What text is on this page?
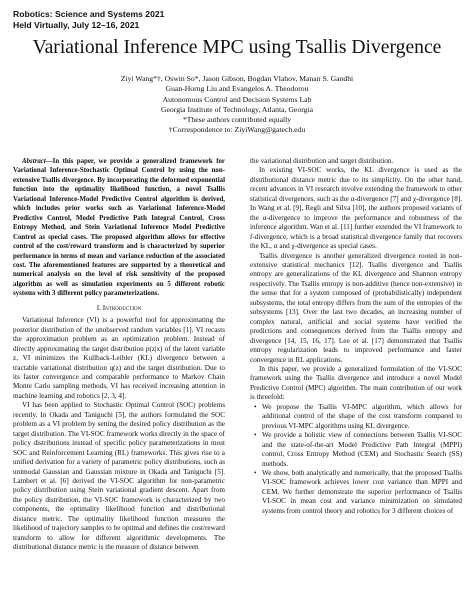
Robotics: Science and Systems 2021
Held Virtually, July 12–16, 2021
Variational Inference MPC using Tsallis Divergence
Ziyi Wang*†, Oswin So*, Jason Gibson, Bogdan Vlahov, Manan S. Gandhi
Guan-Horng Liu and Evangelos A. Theodorou
Autonomous Control and Decision Systems Lab
Georgia Institute of Technology, Atlanta, Georgia
*These authors contributed equally
†Correspondence to: ZiyiWang@gatech.edu

Abstract—In this paper, we provide a generalized framework for Variational Inference-Stochastic Optimal Control by using the non-extensive Tsallis divergence. By incorporating the deformed exponential function into the optimality likelihood function, a novel Tsallis Variational Inference-Model Predictive Control algorithm is derived, which includes prior works such as Variational Inference-Model Predictive Control, Model Predictive Path Integral Control, Cross Entropy Method, and Stein Variational Inference Model Predictive Control as special cases. The proposed algorithm allows for effective control of the cost/reward transform and is characterized by superior performance in terms of mean and variance reduction of the associated cost. The aforementioned features are supported by a theoretical and numerical analysis on the level of risk sensitivity of the proposed algorithm as well as simulation experiments on 5 different robotic systems with 3 different policy parameterizations.

I. Introduction

Variational Inference (VI) is a powerful tool for approximating the posterior distribution of the unobserved random variables [1]. VI recasts the approximation problem as an optimization problem. Instead of directly approximating the target distribution p(z|x) of the latent variable z, VI minimizes the Kullback-Leibler (KL) divergence between a tractable variational distribution q(z) and the target distribution. Due to its faster convergence and comparable performance to Markov Chain Monte Carlo sampling methods, VI has received increasing attention in machine learning and robotics [2, 3, 4].

VI has been applied to Stochastic Optimal Control (SOC) problems recently. In Okada and Taniguchi [5], the authors formulated the SOC problem as a VI problem by setting the desired policy distribution as the target distribution. The VI-SOC framework works directly in the space of policy distributions instead of specific policy parameterizations in most SOC and Reinforcement Learning (RL) frameworks. This gives rise to a unified derivation for a variety of parametric policy distributions, such as unimodal Gaussian and Gaussian mixture in Okada and Taniguchi [5]. Lambert et al. [6] derived the VI-SOC algorithm for non-parametric policy distribution using Stein variational gradient descent. Apart from the policy distribution, the VI-SOC framework is characterized by two components, the optimality likelihood function and distributional distance metric. The optimality likelihood function measures the likelihood of trajectory samples to be optimal and defines the cost/reward transform to allow for different algorithmic developments. The distributional distance metric is the measure of distance between

the variational distribution and target distribution.

In existing VI-SOC works, the KL divergence is used as the distributional distance metric due to its simplicity. On the other hand, recent advances in VI research involve extending the framework to other statistical divergences, such as the α-divergence [7] and χ-divergence [8]. In Wang et al. [9], Regli and Silva [10], the authors proposed variants of the α-divergence to improve the performance and robustness of the inference algorithm. Wan et al. [11] further extended the VI framework to f-divergence, which is a broad statistical divergence family that recovers the KL, α and χ-divergence as special cases.

Tsallis divergence is another generalized divergence rooted in non-extensive statistical mechanics [12]. Tsallis divergence and Tsallis entropy are generalizations of the KL divergence and Shannon entropy respectively. The Tsallis entropy is non-additive (hence non-extensive) in the sense that for a system composed of (probabilistically) independent subsystems, the total entropy differs from the sum of the entropies of the subsystems [13]. Over the last two decades, an increasing number of complex natural, artificial and social systems have verified the predictions and consequences derived from the Tsallis entropy and divergence [14, 15, 16, 17]. Lee et al. [17] demonstrated that Tsallis entropy regularization leads to improved performance and faster convergence in RL applications.

In this paper, we provide a generalized formulation of the VI-SOC framework using the Tsallis divergence and introduce a novel Model Predictive Control (MPC) algorithm. The main contribution of our work is threefold:

• We propose the Tsallis VI-MPC algorithm, which allows for additional control of the shape of the cost transform compared to previous VI-MPC algorithms using KL divergence.
• We provide a holistic view of connections between Tsallis VI-SOC and the state-of-the-art Model Predictive Path Integral (MPPI) control, Cross Entropy Method (CEM) and Stochastic Search (SS) methods.
• We show, both analytically and numerically, that the proposed Tsallis VI-SOC framework achieves lower cost variance than MPPI and CEM. We further demonstrate the superior performance of Tsallis VI-SOC in mean cost and variance minimization on simulated systems from control theory and robotics for 3 different choices of
